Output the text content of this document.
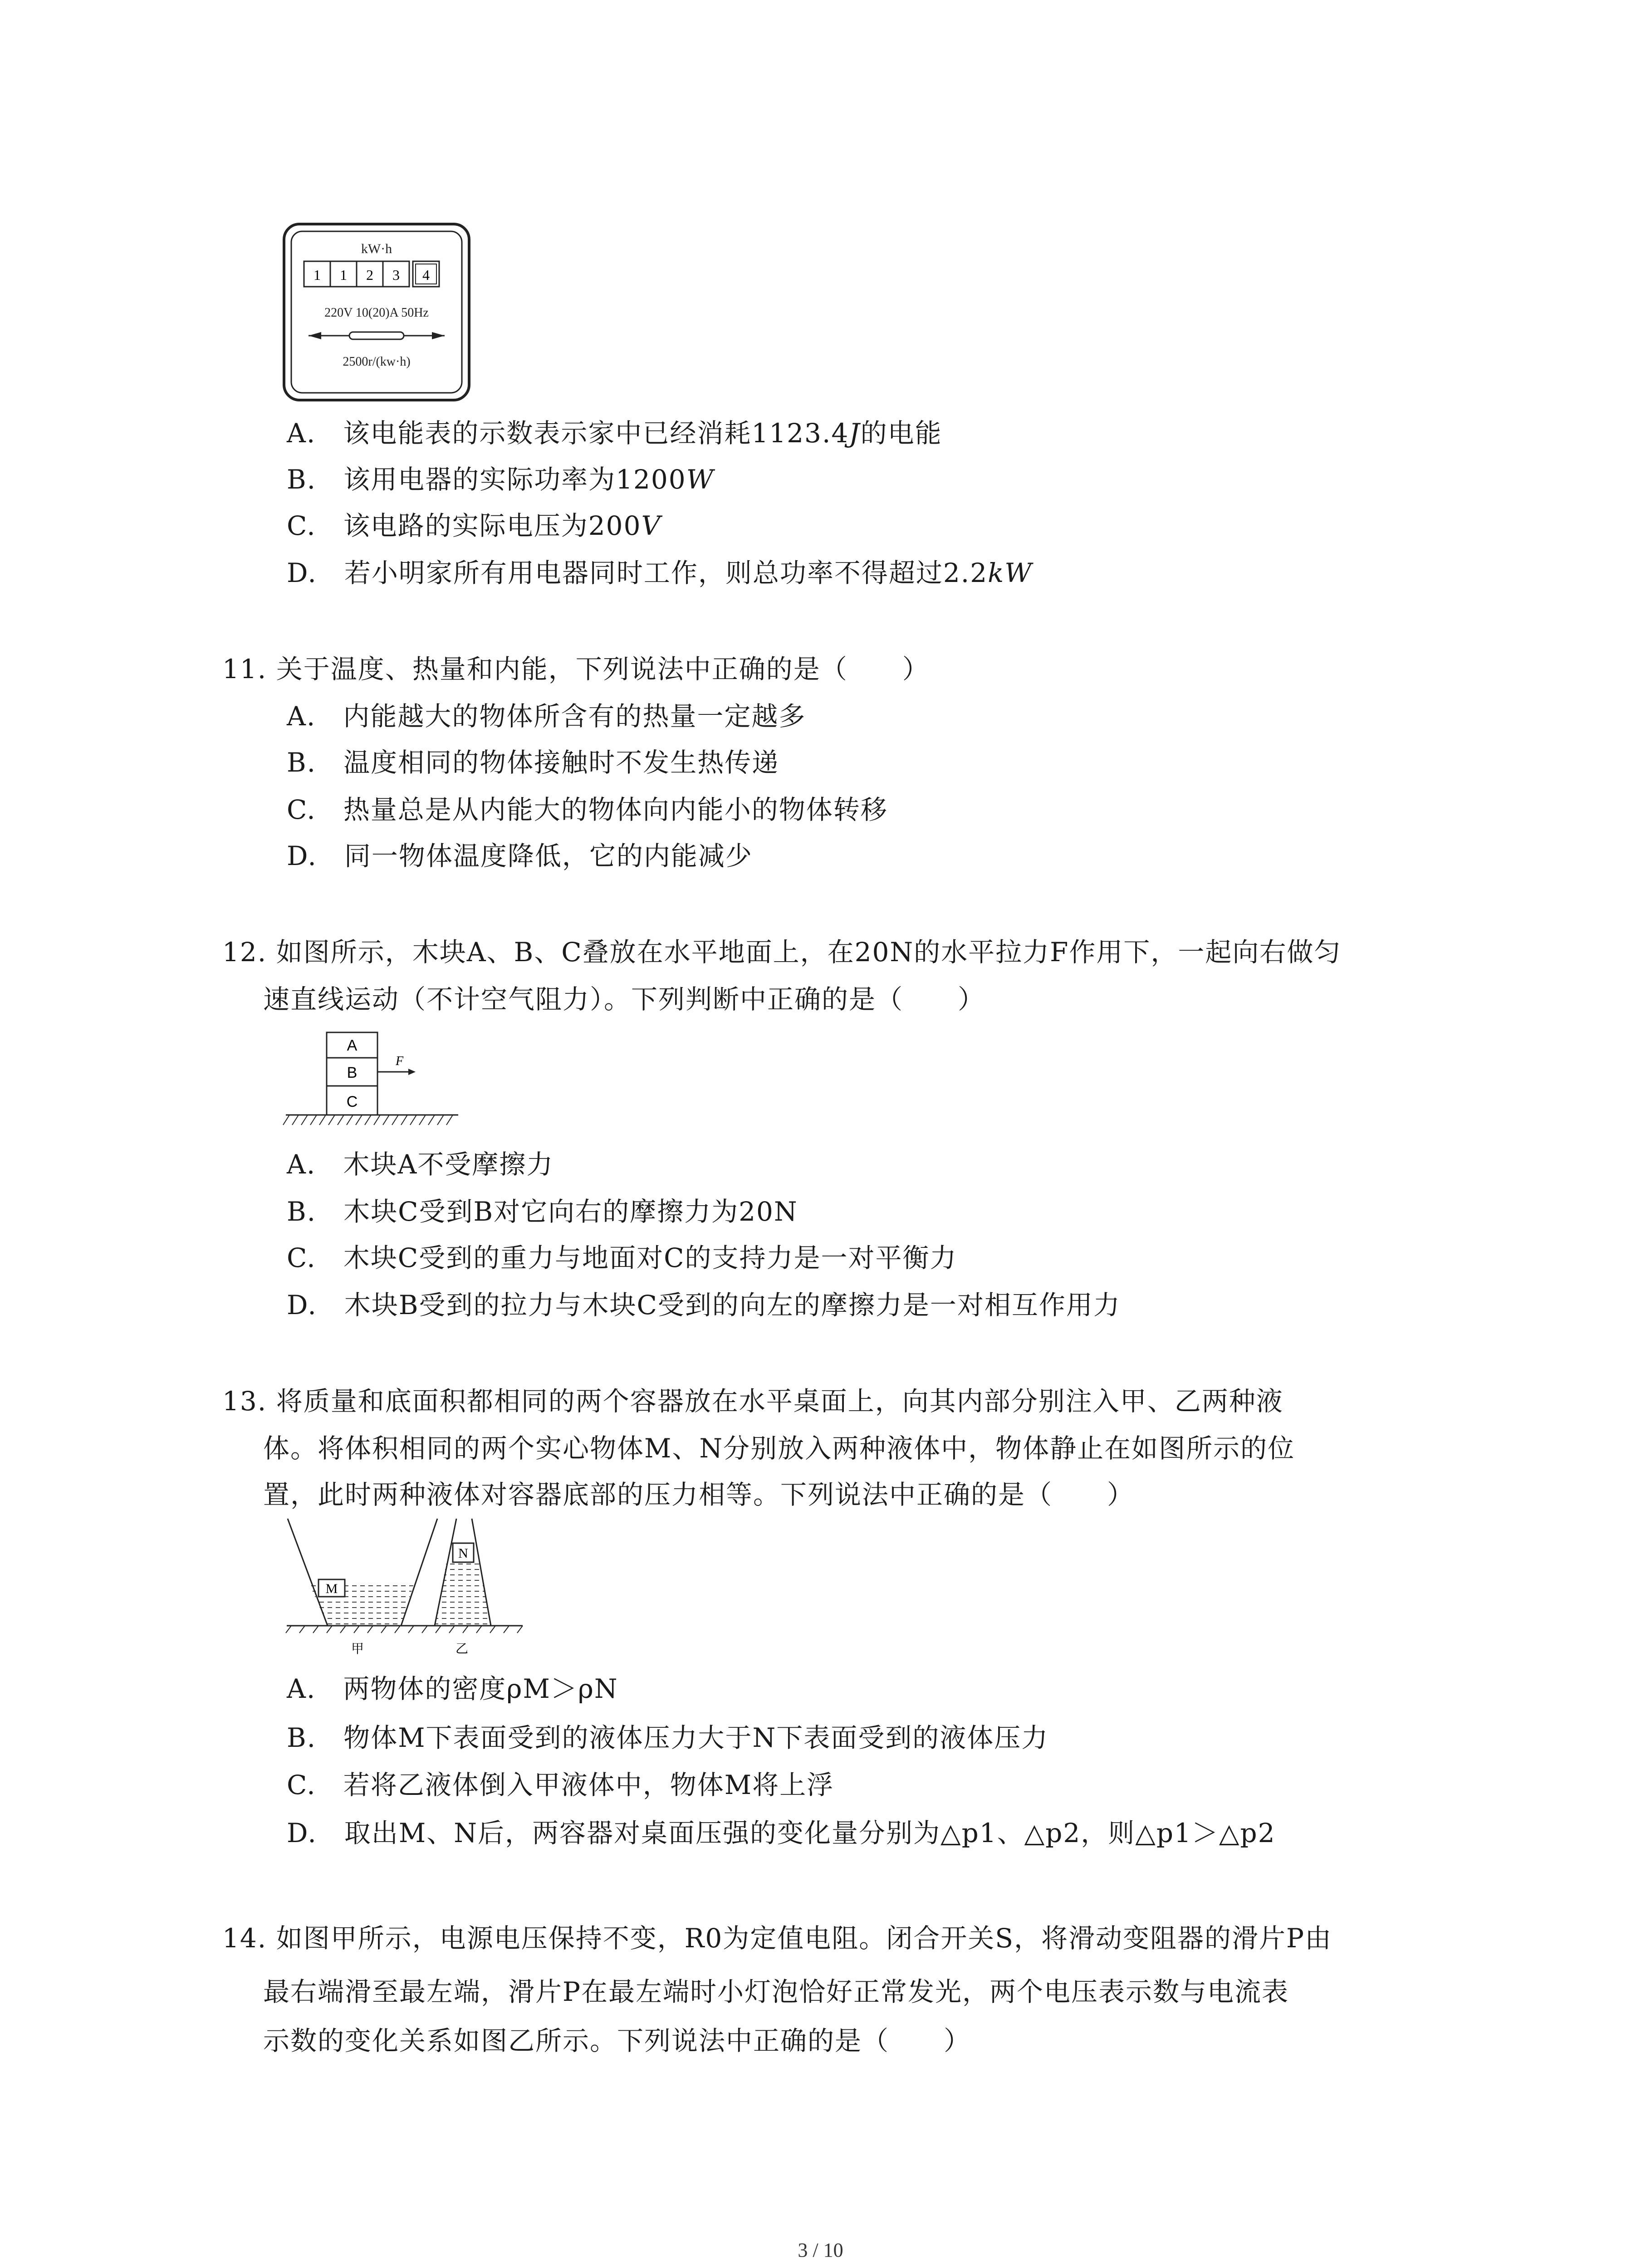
kW·h
1 1 2 3 4
220V 10(20)A 50Hz
2500r/(kw·h)
A.　 该电能表的示数表示家中已经消耗1123.4J的电能
B.　 该用电器的实际功率为1200W
C.　 该电路的实际电压为200V
D.　 若小明家所有用电器同时工作，则总功率不得超过2.2kW
11. 关于温度、热量和内能，下列说法中正确的是（　　）
A.　 内能越大的物体所含有的热量一定越多
B.　 温度相同的物体接触时不发生热传递
C.　 热量总是从内能大的物体向内能小的物体转移
D.　 同一物体温度降低，它的内能减少
12. 如图所示，木块A、B、C叠放在水平地面上，在20N的水平拉力F作用下，一起向右做匀
速直线运动（不计空气阻力）。下列判断中正确的是（　　）
A
B
C
F
A.　 木块A不受摩擦力
B.　 木块C受到B对它向右的摩擦力为20N
C.　 木块C受到的重力与地面对C的支持力是一对平衡力
D.　 木块B受到的拉力与木块C受到的向左的摩擦力是一对相互作用力
13. 将质量和底面积都相同的两个容器放在水平桌面上，向其内部分别注入甲、乙两种液
体。将体积相同的两个实心物体M、N分别放入两种液体中，物体静止在如图所示的位
置，此时两种液体对容器底部的压力相等。下列说法中正确的是（　　）
M
N
甲	乙
A.　 两物体的密度ρM＞ρN
B.　 物体M下表面受到的液体压力大于N下表面受到的液体压力
C.　 若将乙液体倒入甲液体中，物体M将上浮
D.　 取出M、N后，两容器对桌面压强的变化量分别为△p1、△p2，则△p1＞△p2
14. 如图甲所示，电源电压保持不变，R0为定值电阻。闭合开关S，将滑动变阻器的滑片P由
最右端滑至最左端，滑片P在最左端时小灯泡恰好正常发光，两个电压表示数与电流表
示数的变化关系如图乙所示。下列说法中正确的是（　　）
3 / 10
